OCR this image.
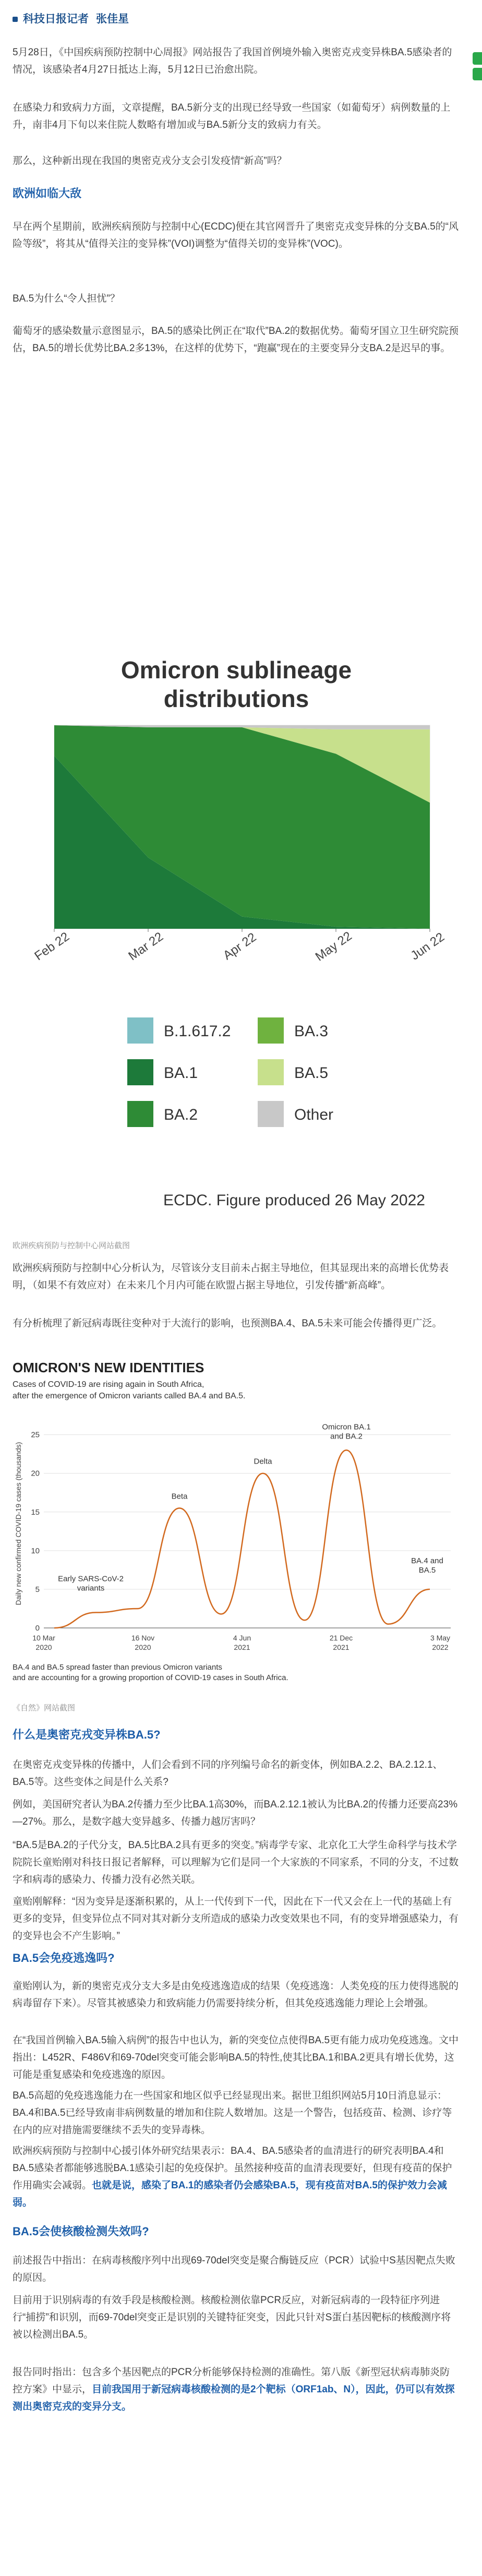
科技日报记者 张佳星

5月28日，《中国疾病预防控制中心周报》网站报告了我国首例境外输入奥密克戎变异株BA.5感染者的情况，该感染者4月27日抵达上海，5月12日已治愈出院。

在感染力和致病力方面，文章提醒，BA.5新分支的出现已经导致一些国家（如葡萄牙）病例数量的上升，南非4月下旬以来住院人数略有增加或与BA.5新分支的致病力有关。

那么，这种新出现在我国的奥密克戎分支会引发疫情“新高”吗？

欧洲如临大敌

早在两个星期前，欧洲疾病预防与控制中心(ECDC)便在其官网晋升了奥密克戎变异株的分支BA.5的“风险等级”，将其从“值得关注的变异株”(VOI)调整为“值得关切的变异株”(VOC)。

BA.5为什么“令人担忧”？

葡萄牙的感染数量示意图显示，BA.5的感染比例正在“取代”BA.2的数据优势。葡萄牙国立卫生研究院预估，BA.5的增长优势比BA.2多13%，在这样的优势下，“跑赢”现在的主要变异分支BA.2是迟早的事。

Omicron sublineage
distributions
Feb 22	Mar 22	Apr 22	May 22	Jun 22
B.1.617.2	BA.3
BA.1	BA.5
BA.2	Other
ECDC. Figure produced 26 May 2022
欧洲疾病预防与控制中心网站截图

欧洲疾病预防与控制中心分析认为，尽管该分支目前未占据主导地位，但其显现出来的高增长优势表明，（如果不有效应对）在未来几个月内可能在欧盟占据主导地位，引发传播“新高峰”。

有分析梳理了新冠病毒既往变种对于大流行的影响，也预测BA.4、BA.5未来可能会传播得更广泛。

OMICRON'S NEW IDENTITIES
Cases of COVID-19 are rising again in South Africa,
after the emergence of Omicron variants called BA.4 and BA.5.
0
5
10
15
20
25
Daily new confirmed COVID-19 cases (thousands)
10 Mar
2020
16 Nov
2020
4 Jun
2021
21 Dec
2021
3 May
2022
Early SARS-CoV-2
variants
Beta
Delta
Omicron BA.1
and BA.2
BA.4 and
BA.5
BA.4 and BA.5 spread faster than previous Omicron variants
and are accounting for a growing proportion of COVID-19 cases in South Africa.
《自然》网站截图
什么是奥密克戎变异株BA.5?

在奥密克戎变异株的传播中，人们会看到不同的序列编号命名的新变体，例如BA.2.2、BA.2.12.1、BA.5等。这些变体之间是什么关系?

例如，美国研究者认为BA.2传播力至少比BA.1高30%，而BA.2.12.1被认为比BA.2的传播力还要高23%—27%。那么，是数字越大变异越多、传播力越厉害吗？

“BA.5是BA.2的子代分支，BA.5比BA.2具有更多的突变。”病毒学专家、北京化工大学生命科学与技术学院院长童贻刚对科技日报记者解释，可以理解为它们是同一个大家族的不同家系，不同的分支，不过数字和病毒的感染力、传播力没有必然关联。

童贻刚解释：“因为变异是逐渐积累的，从上一代传到下一代，因此在下一代又会在上一代的基础上有更多的变异，但变异位点不同对其对新分支所造成的感染力改变效果也不同，有的变异增强感染力，有的变异也会不产生影响。”

BA.5会免疫逃逸吗?

童贻刚认为，新的奥密克戎分支大多是由免疫逃逸造成的结果（免疫逃逸：人类免疫的压力使得逃脱的病毒留存下来）。尽管其被感染力和致病能力仍需要持续分析，但其免疫逃逸能力理论上会增强。

在“我国首例输入BA.5输入病例”的报告中也认为，新的突变位点使得BA.5更有能力成功免疫逃逸。文中指出：L452R、F486V和69-70del突变可能会影响BA.5的特性,使其比BA.1和BA.2更具有增长优势，这可能是重复感染和免疫逃逸的原因。

BA.5高超的免疫逃逸能力在一些国家和地区似乎已经显现出来。据世卫组织网站5月10日消息显示：BA.4和BA.5已经导致南非病例数量的增加和住院人数增加。这是一个警告，包括疫苗、检测、诊疗等在内的应对措施需要继续不丢失的变异毒株。

欧洲疾病预防与控制中心援引体外研究结果表示：BA.4、BA.5感染者的血清进行的研究表明BA.4和BA.5感染者都能够逃脱BA.1感染引起的免疫保护。虽然接种疫苗的血清表现要好，但现有疫苗的保护作用确实会减弱。也就是说，感染了BA.1的感染者仍会感染BA.5，现有疫苗对BA.5的保护效力会减弱。

BA.5会使核酸检测失效吗?

前述报告中指出：在病毒核酸序列中出现69-70del突变是聚合酶链反应（PCR）试验中S基因靶点失败的原因。

目前用于识别病毒的有效手段是核酸检测。核酸检测依靠PCR反应，对新冠病毒的一段特征序列进行“捕捞”和识别，而69-70del突变正是识别的关键特征突变，因此只针对S蛋白基因靶标的核酸测序将被以检测出BA.5。

报告同时指出：包含多个基因靶点的PCR分析能够保持检测的准确性。第八版《新型冠状病毒肺炎防控方案》中显示，目前我国用于新冠病毒核酸检测的是2个靶标（ORF1ab、N），因此，仍可以有效探测出奥密克戎的变异分支。
